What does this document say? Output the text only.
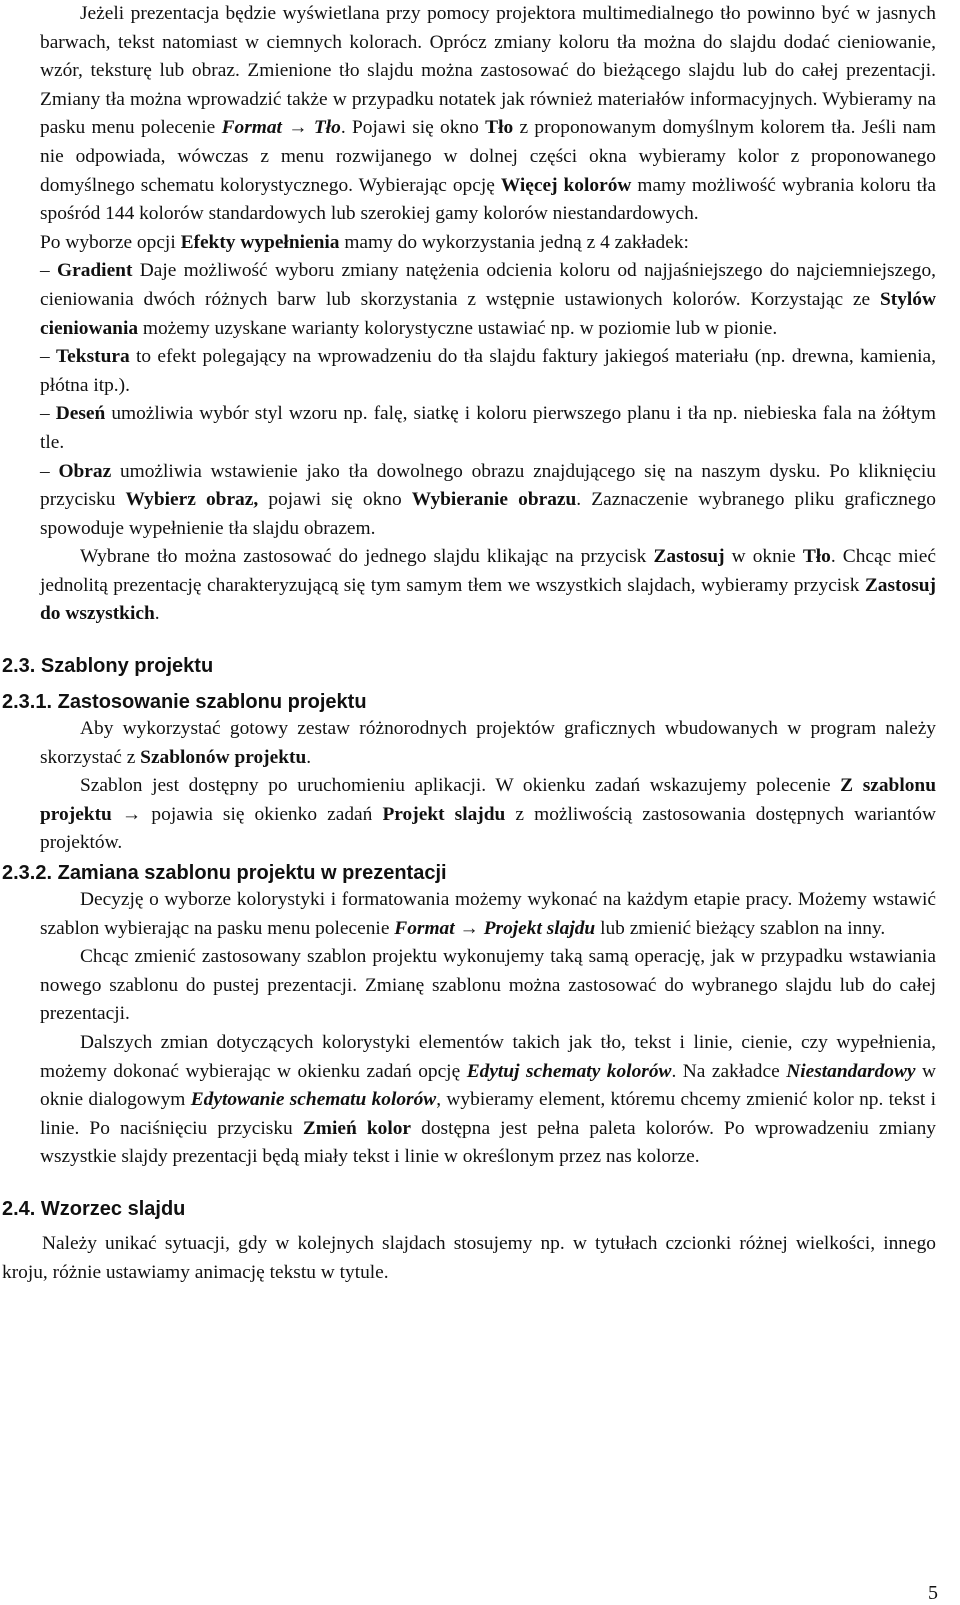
Jeżeli prezentacja będzie wyświetlana przy pomocy projektora multimedialnego tło powinno być w jasnych barwach, tekst natomiast w ciemnych kolorach. Oprócz zmiany koloru tła można do slajdu dodać cieniowanie, wzór, teksturę lub obraz. Zmienione tło slajdu można zastosować do bieżącego slajdu lub do całej prezentacji. Zmiany tła można wprowadzić także w przypadku notatek jak również materiałów informacyjnych. Wybieramy na pasku menu polecenie Format → Tło. Pojawi się okno Tło z proponowanym domyślnym kolorem tła. Jeśli nam nie odpowiada, wówczas z menu rozwijanego w dolnej części okna wybieramy kolor z proponowanego domyślnego schematu kolorystycznego. Wybierając opcję Więcej kolorów mamy możliwość wybrania koloru tła spośród 144 kolorów standardowych lub szerokiej gamy kolorów niestandardowych.

Po wyborze opcji Efekty wypełnienia mamy do wykorzystania jedną z 4 zakładek:

– Gradient Daje możliwość wyboru zmiany natężenia odcienia koloru od najjaśniejszego do najciemniejszego, cieniowania dwóch różnych barw lub skorzystania z wstępnie ustawionych kolorów. Korzystając ze Stylów cieniowania możemy uzyskane warianty kolorystyczne ustawiać np. w poziomie lub w pionie.

– Tekstura to efekt polegający na wprowadzeniu do tła slajdu faktury jakiegoś materiału (np. drewna, kamienia, płótna itp.).

– Deseń umożliwia wybór styl wzoru np. falę, siatkę i koloru pierwszego planu i tła np. niebieska fala na żółtym tle.

– Obraz umożliwia wstawienie jako tła dowolnego obrazu znajdującego się na naszym dysku. Po kliknięciu przycisku Wybierz obraz, pojawi się okno Wybieranie obrazu. Zaznaczenie wybranego pliku graficznego spowoduje wypełnienie tła slajdu obrazem.

Wybrane tło można zastosować do jednego slajdu klikając na przycisk Zastosuj w oknie Tło. Chcąc mieć jednolitą prezentację charakteryzującą się tym samym tłem we wszystkich slajdach, wybieramy przycisk Zastosuj do wszystkich.

2.3. Szablony projektu
2.3.1. Zastosowanie szablonu projektu

Aby wykorzystać gotowy zestaw różnorodnych projektów graficznych wbudowanych w program należy skorzystać z Szablonów projektu.

Szablon jest dostępny po uruchomieniu aplikacji. W okienku zadań wskazujemy polecenie Z szablonu projektu → pojawia się okienko zadań Projekt slajdu z możliwością zastosowania dostępnych wariantów projektów.

2.3.2. Zamiana szablonu projektu w prezentacji

Decyzję o wyborze kolorystyki i formatowania możemy wykonać na każdym etapie pracy. Możemy wstawić szablon wybierając na pasku menu polecenie Format → Projekt slajdu lub zmienić bieżący szablon na inny.

Chcąc zmienić zastosowany szablon projektu wykonujemy taką samą operację, jak w przypadku wstawiania nowego szablonu do pustej prezentacji. Zmianę szablonu można zastosować do wybranego slajdu lub do całej prezentacji.

Dalszych zmian dotyczących kolorystyki elementów takich jak tło, tekst i linie, cienie, czy wypełnienia, możemy dokonać wybierając w okienku zadań opcję Edytuj schematy kolorów. Na zakładce Niestandardowy w oknie dialogowym Edytowanie schematu kolorów, wybieramy element, któremu chcemy zmienić kolor np. tekst i linie. Po naciśnięciu przycisku Zmień kolor dostępna jest pełna paleta kolorów. Po wprowadzeniu zmiany wszystkie slajdy prezentacji będą miały tekst i linie w określonym przez nas kolorze.

2.4. Wzorzec slajdu

Należy unikać sytuacji, gdy w kolejnych slajdach stosujemy np. w tytułach czcionki różnej wielkości, innego kroju, różnie ustawiamy animację tekstu w tytule.

5
